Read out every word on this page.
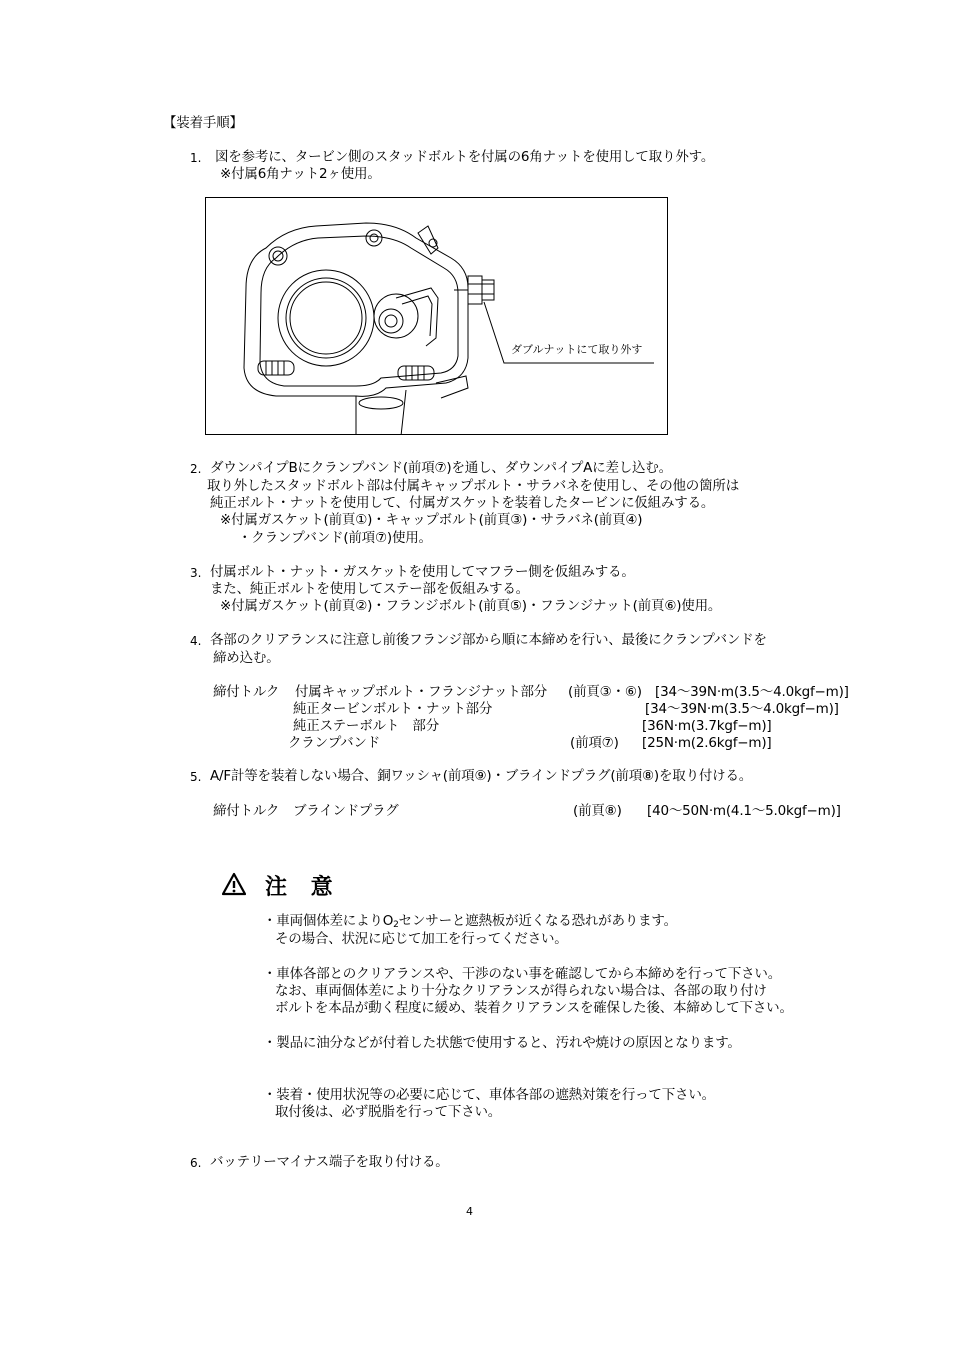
【装着手順】
1. 図を参考に、タービン側のスタッドボルトを付属の6角ナットを使用して取り外す。
※付属6角ナット2ヶ使用。
ダブルナットにて取り外す
2. ダウンパイプBにクランプバンド(前項⑦)を通し、ダウンパイプAに差し込む。
取り外したスタッドボルト部は付属キャップボルト・サラバネを使用し、その他の箇所は
純正ボルト・ナットを使用して、付属ガスケットを装着したタービンに仮組みする。
※付属ガスケット(前頁①)・キャップボルト(前頁③)・サラバネ(前頁④)
・クランプバンド(前項⑦)使用。
3. 付属ボルト・ナット・ガスケットを使用してマフラー側を仮組みする。
また、純正ボルトを使用してステー部を仮組みする。
※付属ガスケット(前頁②)・フランジボルト(前頁⑤)・フランジナット(前頁⑥)使用。
4. 各部のクリアランスに注意し前後フランジ部から順に本締めを行い、最後にクランプバンドを
締め込む。
締付トルク 付属キャップボルト・フランジナット部分 (前頁③・⑥) [34〜39N·m(3.5〜4.0kgf−m)]
純正タービンボルト・ナット部分	[34〜39N·m(3.5〜4.0kgf−m)]
純正ステーボルト　部分	[36N·m(3.7kgf−m)]
クランプバンド	(前項⑦) [25N·m(2.6kgf−m)]
5. A/F計等を装着しない場合、銅ワッシャ(前項⑨)・ブラインドプラグ(前項⑧)を取り付ける。
締付トルク ブラインドプラグ	(前頁⑧) [40〜50N·m(4.1〜5.0kgf−m)]
注 意
・車両個体差により$O_2$センサーと遮熱板が近くなる恐れがあります。
その場合、状況に応じて加工を行ってください。
・車体各部とのクリアランスや、干渉のない事を確認してから本締めを行って下さい。
なお、車両個体差により十分なクリアランスが得られない場合は、各部の取り付け
ボルトを本品が動く程度に緩め、装着クリアランスを確保した後、本締めして下さい。
・製品に油分などが付着した状態で使用すると、汚れや焼けの原因となります。
・装着・使用状況等の必要に応じて、車体各部の遮熱対策を行って下さい。
取付後は、必ず脱脂を行って下さい。
6. バッテリーマイナス端子を取り付ける。
4
